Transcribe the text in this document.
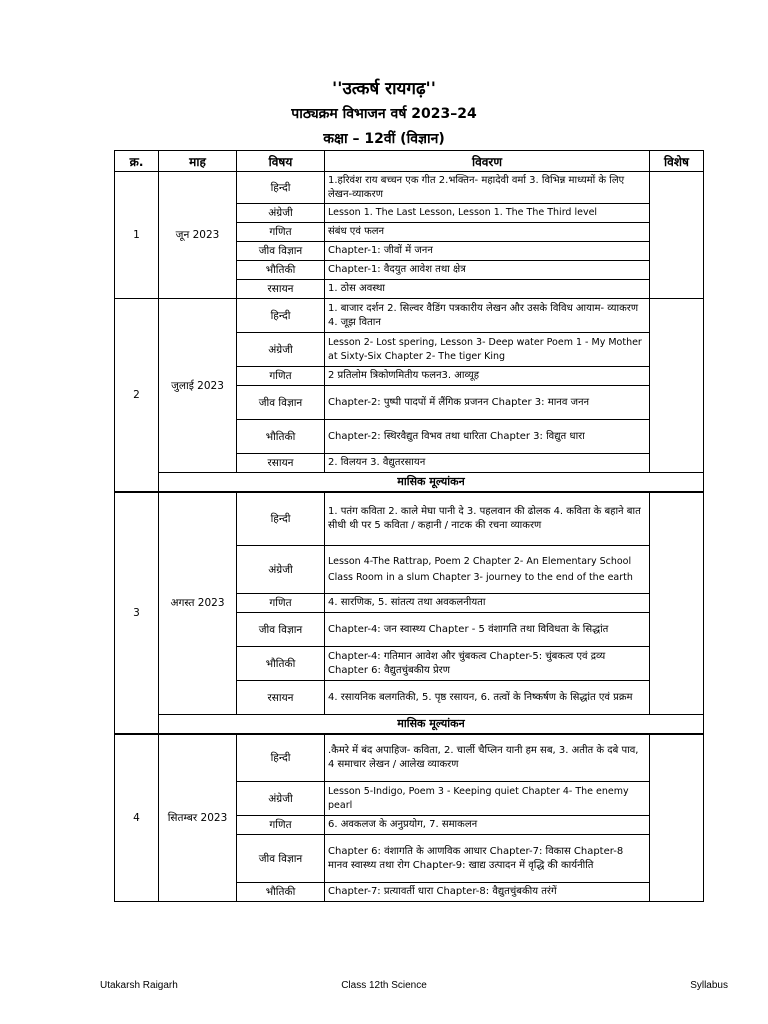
''उत्कर्ष रायगढ़''
पाठ्यक्रम विभाजन वर्ष 2023–24
कक्षा – 12वीं (विज्ञान)
क्र.	माह	विषय	विवरण	विशेष
1	जून 2023	हिन्दी	1.हरिवंश राय बच्चन एक गीत 2.भक्तिन- महादेवी वर्मा 3. विभिन्न माध्यमों के लिए लेखन-व्याकरण	
		अंग्रेजी	Lesson 1. The Last Lesson, Lesson 1. The The Third level	
		गणित	संबंध एवं फलन	
		जीव विज्ञान	Chapter-1: जीवों में जनन	
		भौतिकी	Chapter-1: वैदयुत आवेश तथा क्षेत्र	
		रसायन	1. ठोस अवस्था	
2	जुलाई 2023	हिन्दी	1. बाजार दर्शन 2. सिल्वर वैडिंग पत्रकारीय लेखन और उसके विविध आयाम- व्याकरण 4. जूझ वितान	
		अंग्रेजी	Lesson 2- Lost spering, Lesson 3- Deep water Poem 1 - My Mother at Sixty-Six Chapter 2- The tiger King	
		गणित	2 प्रतिलोम त्रिकोणमितीय फलन3. आव्यूह	
		जीव विज्ञान	Chapter-2: पुष्पी पादपों में लैंगिक प्रजनन Chapter 3: मानव जनन	
		भौतिकी	Chapter-2: स्थिरवैद्युत विभव तथा धारिता Chapter 3: विद्युत धारा	
		रसायन	2. विलयन 3. वैद्युतरसायन	
	मासिक मूल्यांकन			
3	अगस्त 2023	हिन्दी	1. पतंग कविता 2. काले मेघा पानी दे 3. पहलवान की ढोलक 4. कविता के बहाने बात सीधी थी पर 5 कविता / कहानी / नाटक की रचना व्याकरण	
		अंग्रेजी	Lesson 4-The Rattrap, Poem 2 Chapter 2- An Elementary School Class Room in a slum Chapter 3- journey to the end of the earth	
		गणित	4. सारणिक, 5. सांतत्य तथा अवकलनीयता	
		जीव विज्ञान	Chapter-4: जन स्वास्थ्य Chapter - 5 वंशागति तथा विविधता के सिद्धांत	
		भौतिकी	Chapter-4: गतिमान आवेश और चुंबकत्व Chapter-5: चुंबकत्व एवं द्रव्य Chapter 6: वैद्युतचुंबकीय प्रेरण	
		रसायन	4. रसायनिक बलगतिकी, 5. पृष्ठ रसायन, 6. तत्वों के निष्कर्षण के सिद्धांत एवं प्रक्रम	
	मासिक मूल्यांकन			
4	सितम्बर 2023	हिन्दी	.कैमरे में बंद अपाहिज- कविता, 2. चार्ली चैप्लिन यानी हम सब, 3. अतीत के दबे पाव, 4 समाचार लेखन / आलेख व्याकरण	
		अंग्रेजी	Lesson 5-Indigo, Poem 3 - Keeping quiet Chapter 4- The enemy pearl	
		गणित	6. अवकलज के अनुप्रयोग, 7. समाकलन	
		जीव विज्ञान	Chapter 6: वंशागति के आणविक आधार Chapter-7: विकास Chapter-8 मानव स्वास्थ्य तथा रोग Chapter-9: खाद्य उत्पादन में वृद्धि की कार्यनीति	
		भौतिकी	Chapter-7: प्रत्यावर्ती धारा Chapter-8: वैद्युतचुंबकीय तरंगें	
Utakarsh Raigarh	Class 12th Science	Syllabus
